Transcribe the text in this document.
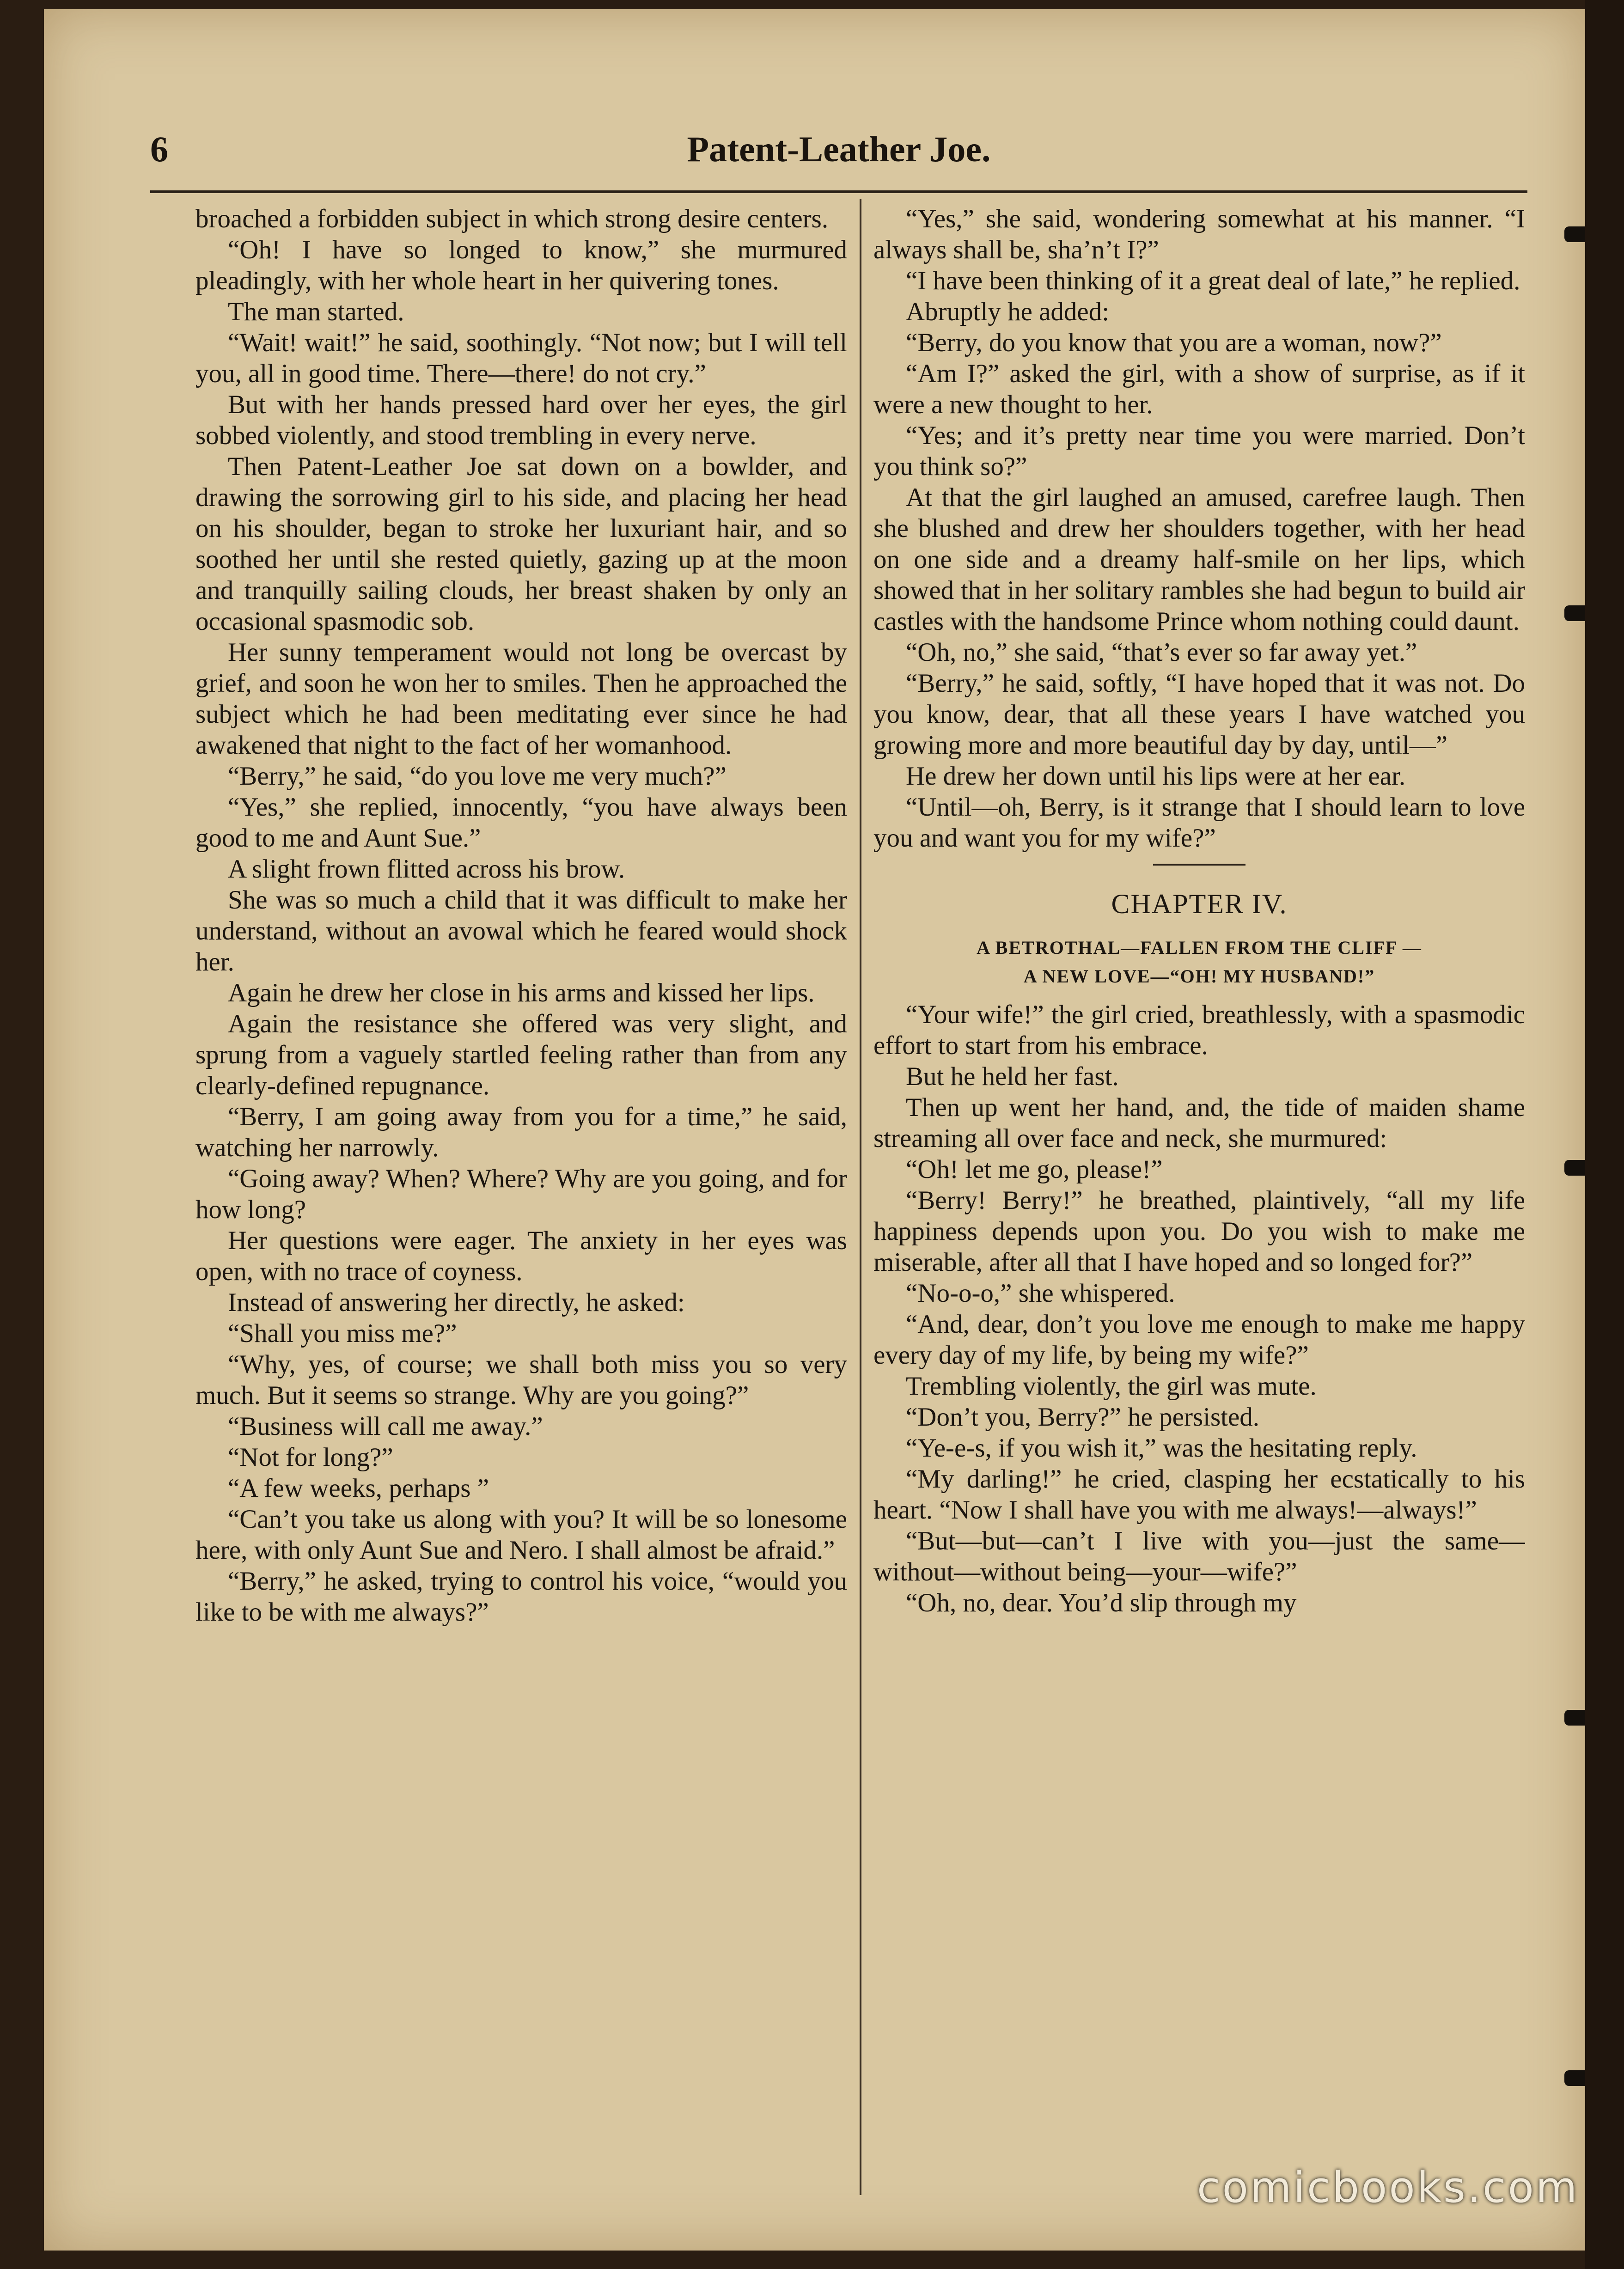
6	Patent-Leather Joe.

broached a forbidden subject in which strong desire centers.

“Oh! I have so longed to know,” she murmured pleadingly, with her whole heart in her quivering tones.

The man started.

“Wait! wait!” he said, soothingly. “Not now; but I will tell you, all in good time. There—there! do not cry.”

But with her hands pressed hard over her eyes, the girl sobbed violently, and stood trembling in every nerve.

Then Patent-Leather Joe sat down on a bowlder, and drawing the sorrowing girl to his side, and placing her head on his shoulder, began to stroke her luxuriant hair, and so soothed her until she rested quietly, gazing up at the moon and tranquilly sailing clouds, her breast shaken by only an occasional spasmodic sob.

Her sunny temperament would not long be overcast by grief, and soon he won her to smiles. Then he approached the subject which he had been meditating ever since he had awakened that night to the fact of her womanhood.

“Berry,” he said, “do you love me very much?”

“Yes,” she replied, innocently, “you have always been good to me and Aunt Sue.”

A slight frown flitted across his brow.

She was so much a child that it was difficult to make her understand, without an avowal which he feared would shock her.

Again he drew her close in his arms and kissed her lips.

Again the resistance she offered was very slight, and sprung from a vaguely startled feeling rather than from any clearly-defined repugnance.

“Berry, I am going away from you for a time,” he said, watching her narrowly.

“Going away? When? Where? Why are you going, and for how long?

Her questions were eager. The anxiety in her eyes was open, with no trace of coyness.

Instead of answering her directly, he asked:

“Shall you miss me?”

“Why, yes, of course; we shall both miss you so very much. But it seems so strange. Why are you going?”

“Business will call me away.”

“Not for long?”

“A few weeks, perhaps ”

“Can’t you take us along with you? It will be so lonesome here, with only Aunt Sue and Nero. I shall almost be afraid.”

“Berry,” he asked, trying to control his voice, “would you like to be with me always?”

“Yes,” she said, wondering somewhat at his manner. “I always shall be, sha’n’t I?”

“I have been thinking of it a great deal of late,” he replied.

Abruptly he added:

“Berry, do you know that you are a woman, now?”

“Am I?” asked the girl, with a show of surprise, as if it were a new thought to her.

“Yes; and it’s pretty near time you were married. Don’t you think so?”

At that the girl laughed an amused, carefree laugh. Then she blushed and drew her shoulders together, with her head on one side and a dreamy half-smile on her lips, which showed that in her solitary rambles she had begun to build air castles with the handsome Prince whom nothing could daunt.

“Oh, no,” she said, “that’s ever so far away yet.”

“Berry,” he said, softly, “I have hoped that it was not. Do you know, dear, that all these years I have watched you growing more and more beautiful day by day, until—”

He drew her down until his lips were at her ear.

“Until—oh, Berry, is it strange that I should learn to love you and want you for my wife?”

CHAPTER IV.
A BETROTHAL—FALLEN FROM THE CLIFF —
A NEW LOVE—“OH! MY HUSBAND!”

“Your wife!” the girl cried, breathlessly, with a spasmodic effort to start from his embrace.

But he held her fast.

Then up went her hand, and, the tide of maiden shame streaming all over face and neck, she murmured:

“Oh! let me go, please!”

“Berry! Berry!” he breathed, plaintively, “all my life happiness depends upon you. Do you wish to make me miserable, after all that I have hoped and so longed for?”

“No-o-o,” she whispered.

“And, dear, don’t you love me enough to make me happy every day of my life, by being my wife?”

Trembling violently, the girl was mute.

“Don’t you, Berry?” he persisted.

“Ye-e-s, if you wish it,” was the hesitating reply.

“My darling!” he cried, clasping her ecstatically to his heart. “Now I shall have you with me always!—always!”

“But—but—can’t I live with you—just the same—without—without being—your—wife?”

“Oh, no, dear. You’d slip through my

comicbooks.com
